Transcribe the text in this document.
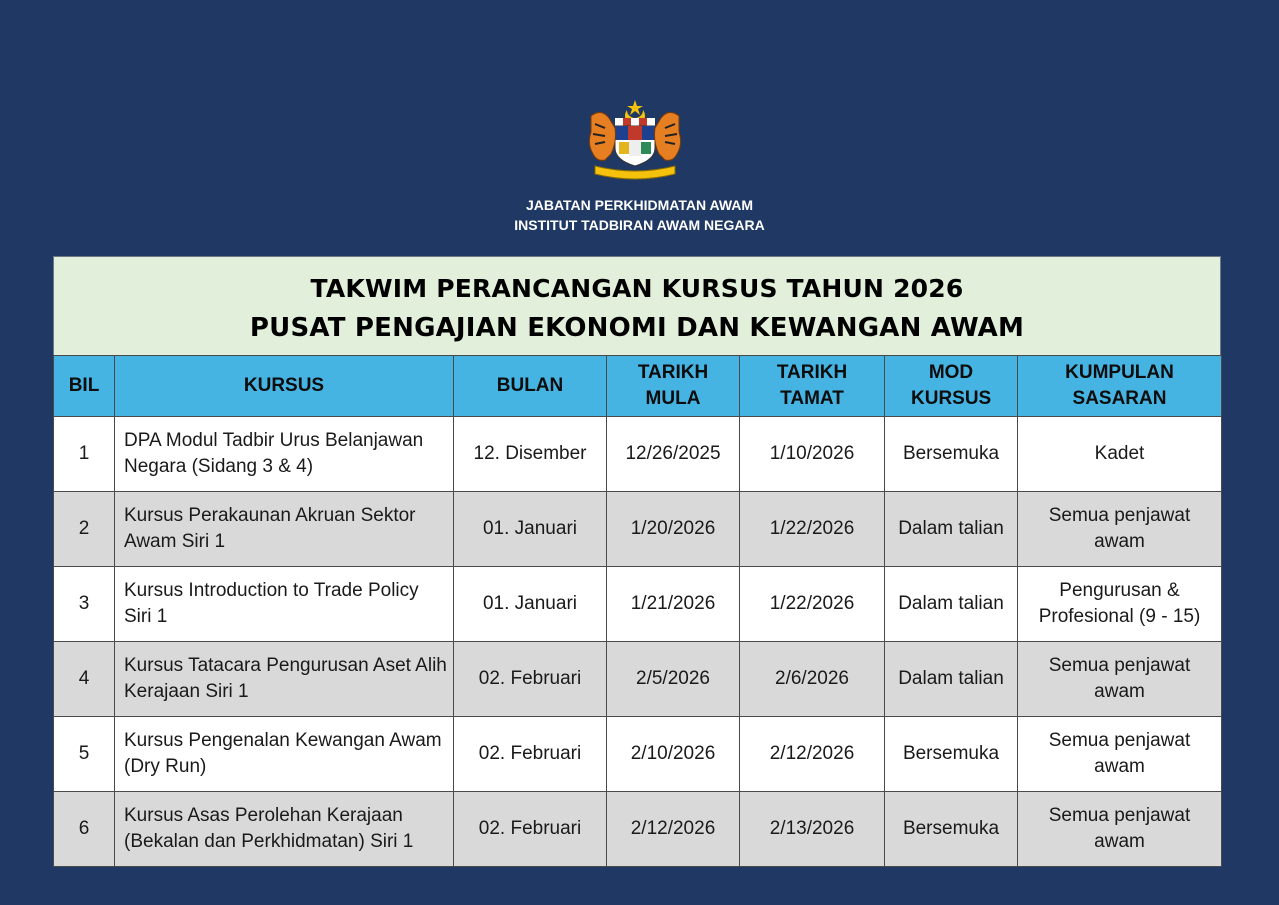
JABATAN PERKHIDMATAN AWAM
INSTITUT TADBIRAN AWAM NEGARA
TAKWIM PERANCANGAN KURSUS TAHUN 2026
PUSAT PENGAJIAN EKONOMI DAN KEWANGAN AWAM
BIL	KURSUS	BULAN	TARIKH MULA	TARIKH TAMAT	MOD KURSUS	KUMPULAN SASARAN
1	DPA Modul Tadbir Urus Belanjawan Negara (Sidang 3 & 4)	12. Disember	12/26/2025	1/10/2026	Bersemuka	Kadet
2	Kursus Perakaunan Akruan Sektor Awam Siri 1	01. Januari	1/20/2026	1/22/2026	Dalam talian	Semua penjawat awam
3	Kursus Introduction to Trade Policy Siri 1	01. Januari	1/21/2026	1/22/2026	Dalam talian	Pengurusan & Profesional (9 - 15)
4	Kursus Tatacara Pengurusan Aset Alih Kerajaan Siri 1	02. Februari	2/5/2026	2/6/2026	Dalam talian	Semua penjawat awam
5	Kursus Pengenalan Kewangan Awam (Dry Run)	02. Februari	2/10/2026	2/12/2026	Bersemuka	Semua penjawat awam
6	Kursus Asas Perolehan Kerajaan (Bekalan dan Perkhidmatan) Siri 1	02. Februari	2/12/2026	2/13/2026	Bersemuka	Semua penjawat awam
